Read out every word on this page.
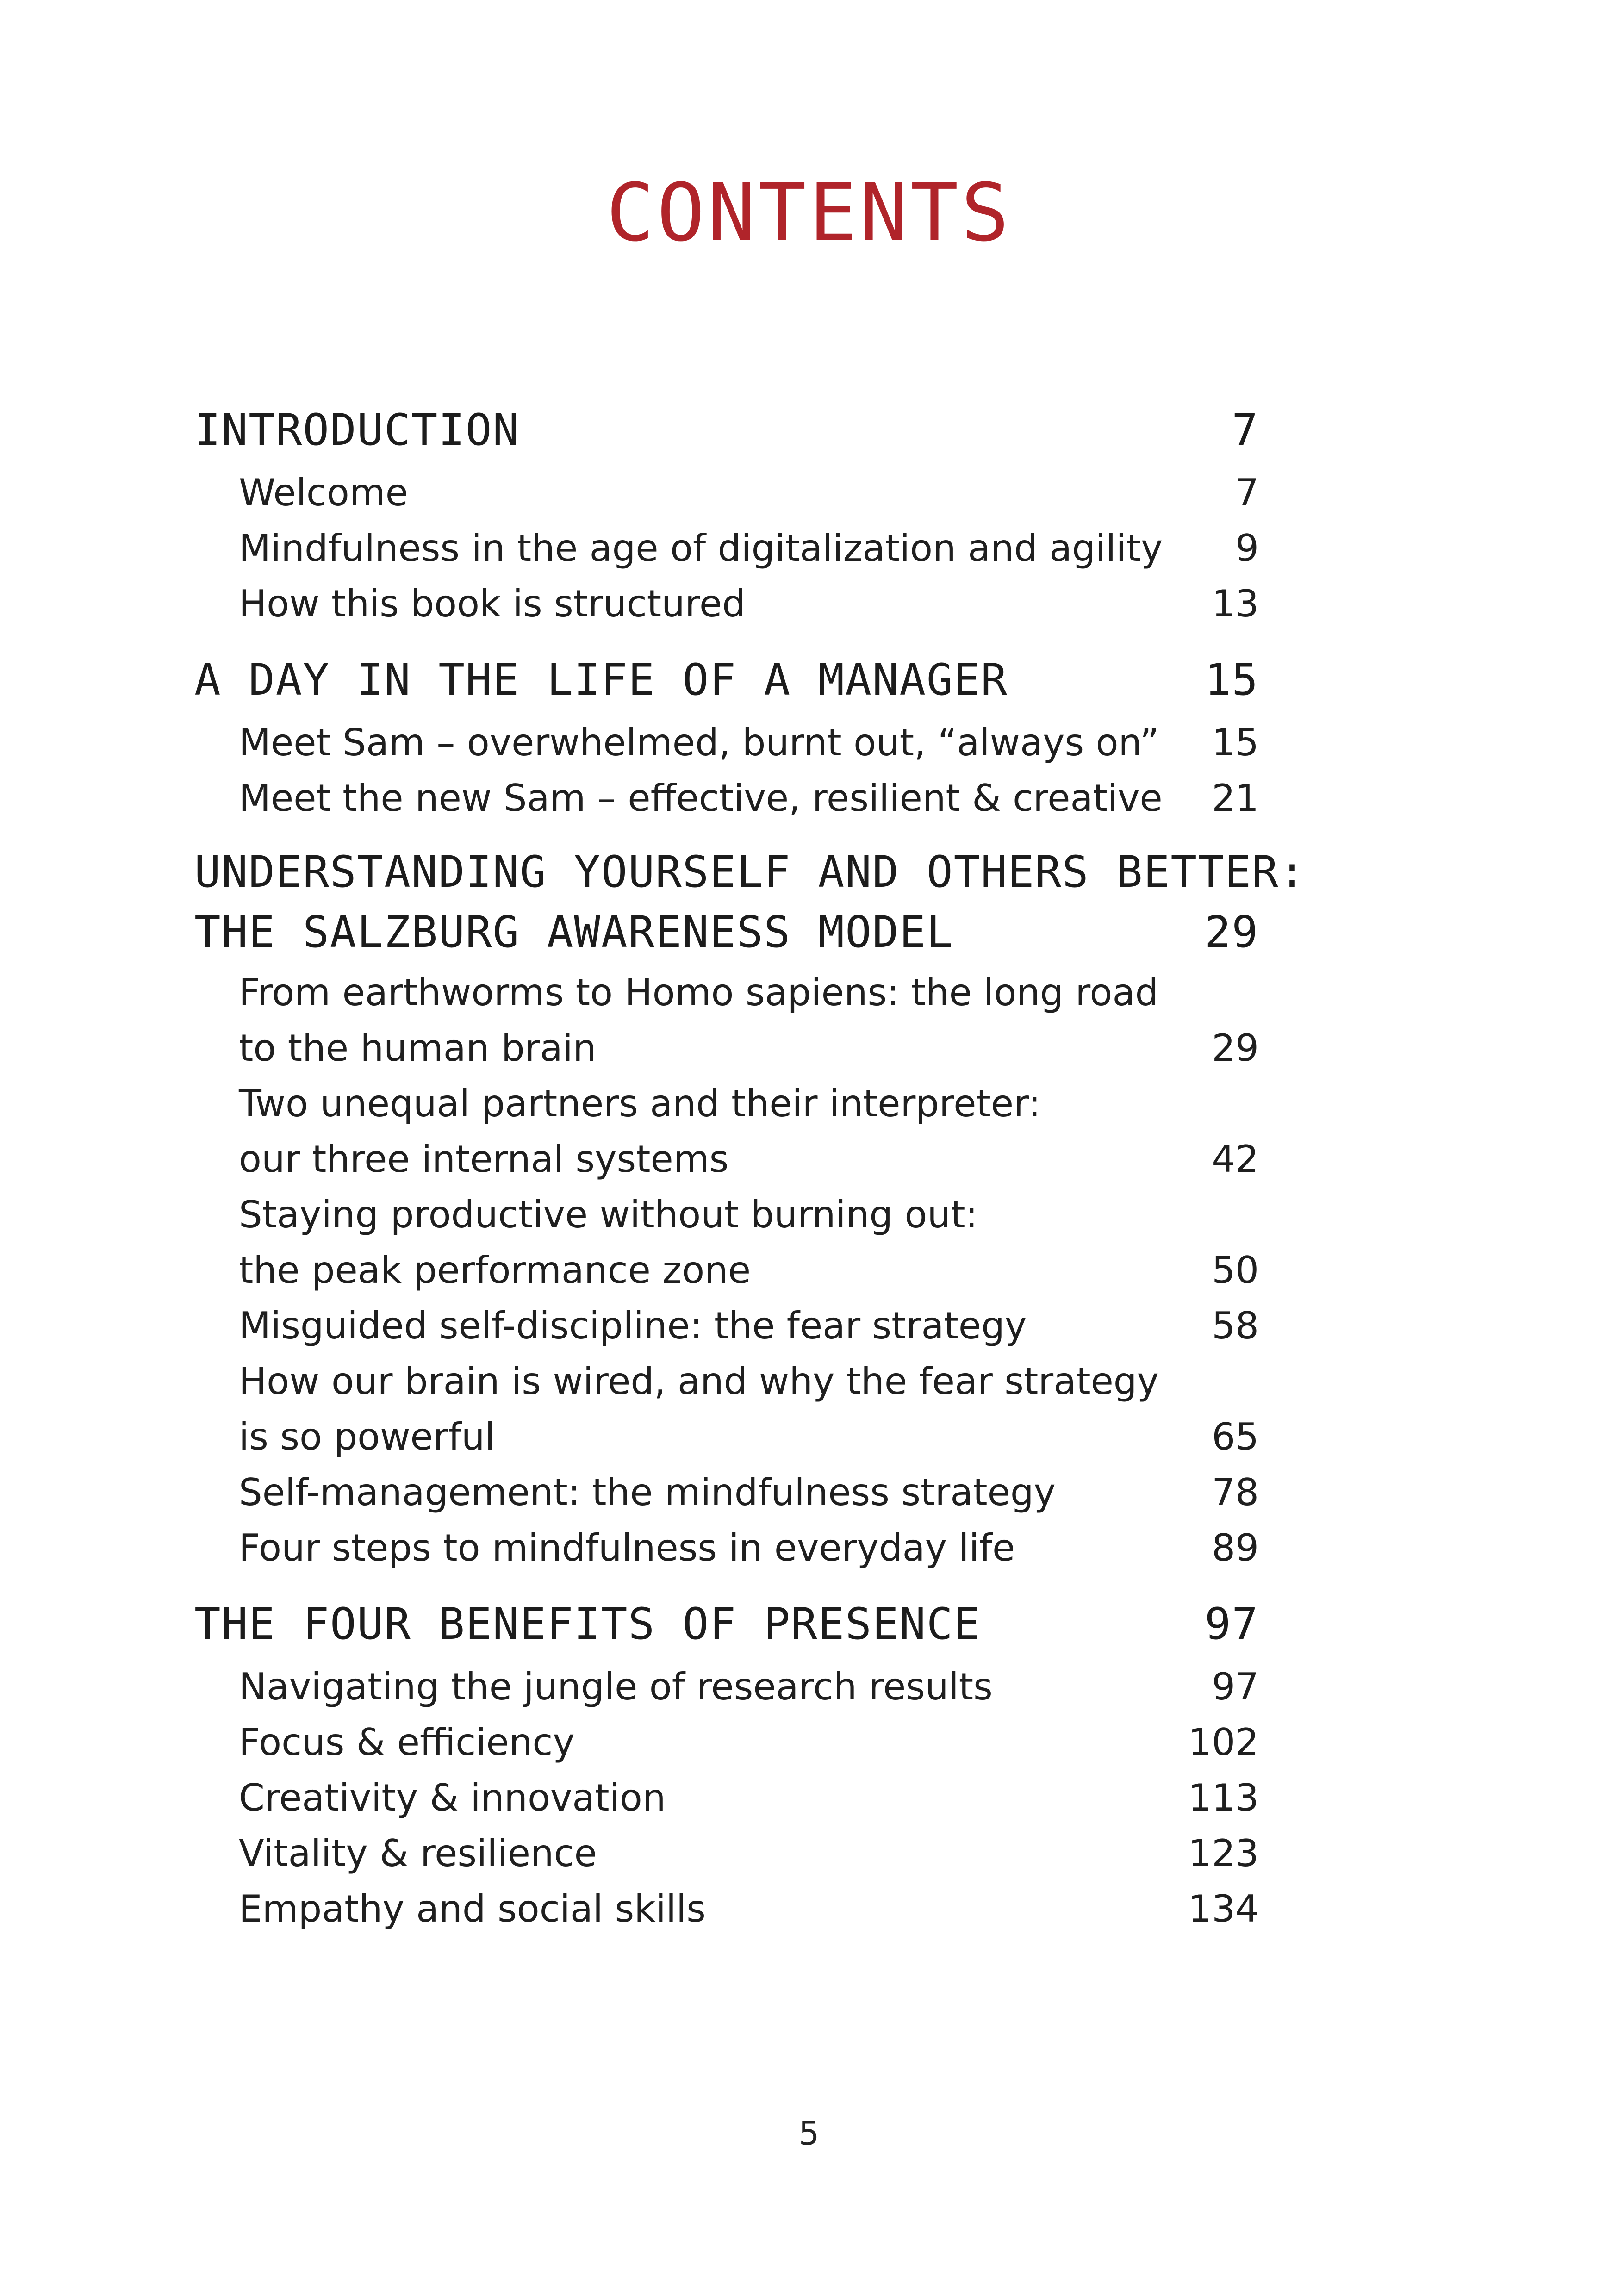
CONTENTS
INTRODUCTION	7
Welcome	7
Mindfulness in the age of digitalization and agility 9
How this book is structured	13
A DAY IN THE LIFE OF A MANAGER	15
Meet Sam – overwhelmed, burnt out, “always on” 15
Meet the new Sam – effective, resilient & creative 21
UNDERSTANDING YOURSELF AND OTHERS BETTER:
THE SALZBURG AWARENESS MODEL	29
From earthworms to Homo sapiens: the long road
to the human brain	29
Two unequal partners and their interpreter:
our three internal systems	42
Staying productive without burning out:
the peak performance zone	50
Misguided self-discipline: the fear strategy	58
How our brain is wired, and why the fear strategy
is so powerful	65
Self-management: the mindfulness strategy	78
Four steps to mindfulness in everyday life	89
THE FOUR BENEFITS OF PRESENCE	97
Navigating the jungle of research results	97
Focus & efficiency	102
Creativity & innovation	113
Vitality & resilience	123
Empathy and social skills	134
5
